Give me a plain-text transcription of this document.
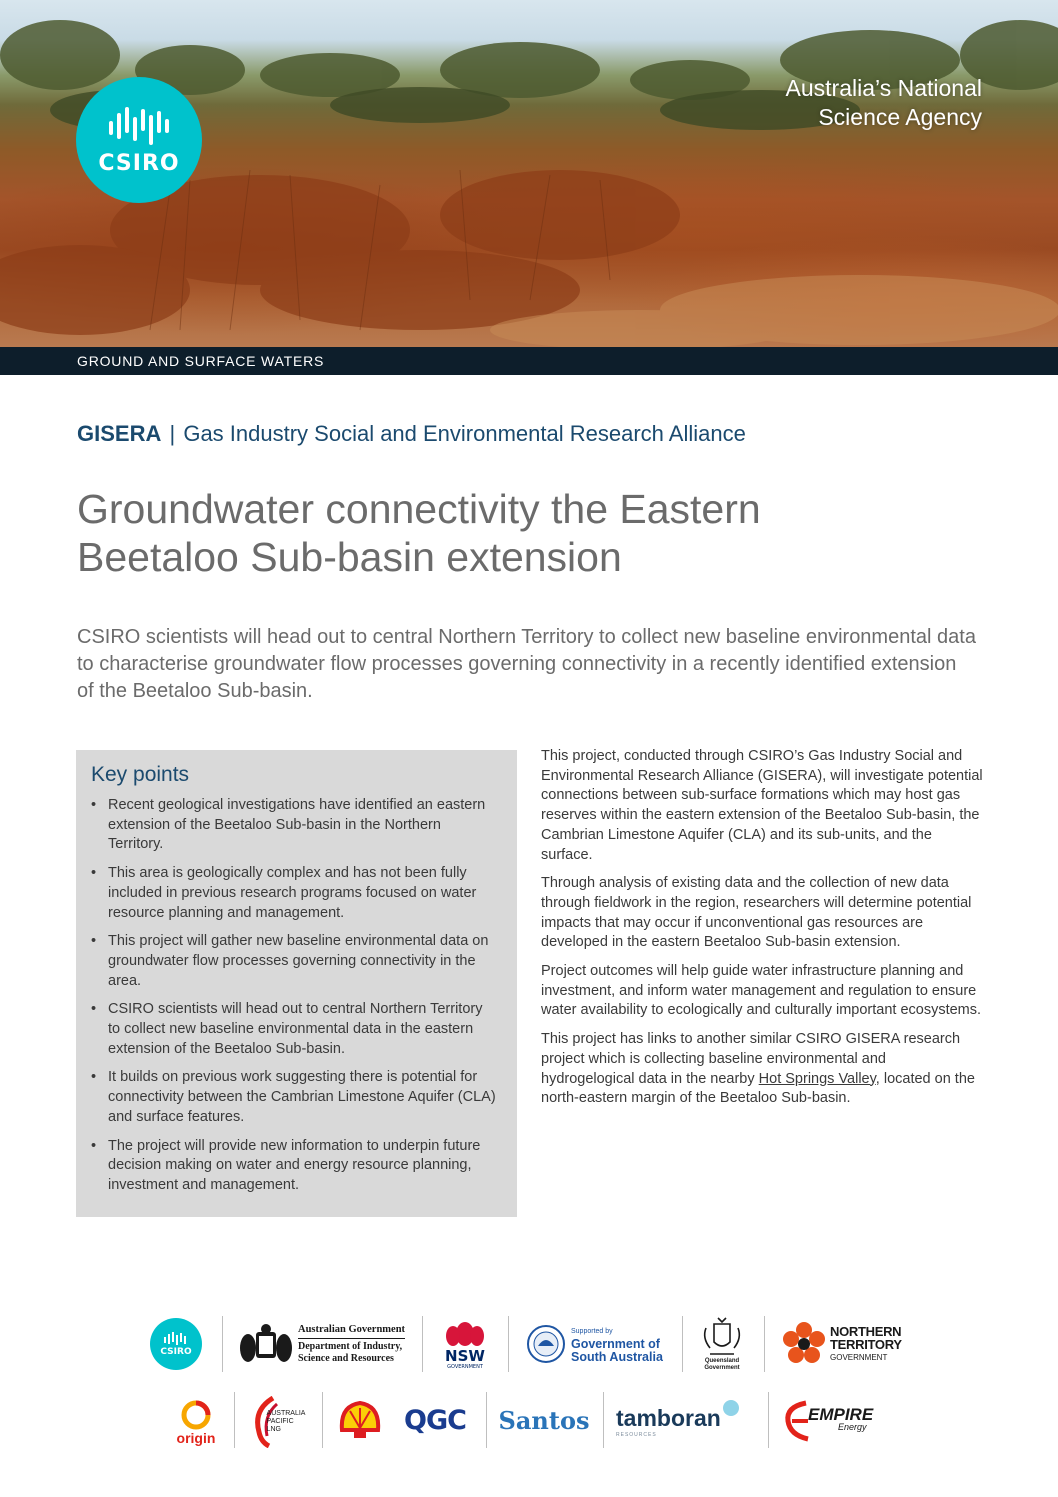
CSIRO
Australia’s National
Science Agency
GROUND AND SURFACE WATERS
GISERA | Gas Industry Social and Environmental Research Alliance
Groundwater connectivity the Eastern
Beetaloo Sub-basin extension

CSIRO scientists will head out to central Northern Territory to collect new baseline environmental data to characterise groundwater flow processes governing connectivity in a recently identified extension of the Beetaloo Sub-basin.

Key points
• Recent geological investigations have identified an eastern extension of the Beetaloo Sub-basin in the Northern Territory.
• This area is geologically complex and has not been fully included in previous research programs focused on water resource planning and management.
• This project will gather new baseline environmental data on groundwater flow processes governing connectivity in the area.
• CSIRO scientists will head out to central Northern Territory to collect new baseline environmental data in the eastern extension of the Beetaloo Sub-basin.
• It builds on previous work suggesting there is potential for connectivity between the Cambrian Limestone Aquifer (CLA) and surface features.
• The project will provide new information to underpin future decision making on water and energy resource planning, investment and management.

This project, conducted through CSIRO’s Gas Industry Social and Environmental Research Alliance (GISERA), will investigate potential connections between sub-surface formations which may host gas reserves within the eastern extension of the Beetaloo Sub-basin, the Cambrian Limestone Aquifer (CLA) and its sub-units, and the surface.

Through analysis of existing data and the collection of new data through fieldwork in the region, researchers will determine potential impacts that may occur if unconventional gas resources are developed in the eastern Beetaloo Sub-basin extension.

Project outcomes will help guide water infrastructure planning and investment, and inform water management and regulation to ensure water availability to ecologically and culturally important ecosystems.

This project has links to another similar CSIRO GISERA research project which is collecting baseline environmental and hydrogelogical data in the nearby Hot Springs Valley, located on the north-eastern margin of the Beetaloo Sub-basin.

CSIRO
Australian Government
Department of Industry,
Science and Resources	NSW
GOVERNMENT
Supported by
Government of
South Australia	Queensland
Government
NORTHERN
TERRITORY
GOVERNMENT
origin
AUSTRALIA
PACIFIC
LNG	QGC Santos tamboran
RESOURCES
EMPIRE
Energy
